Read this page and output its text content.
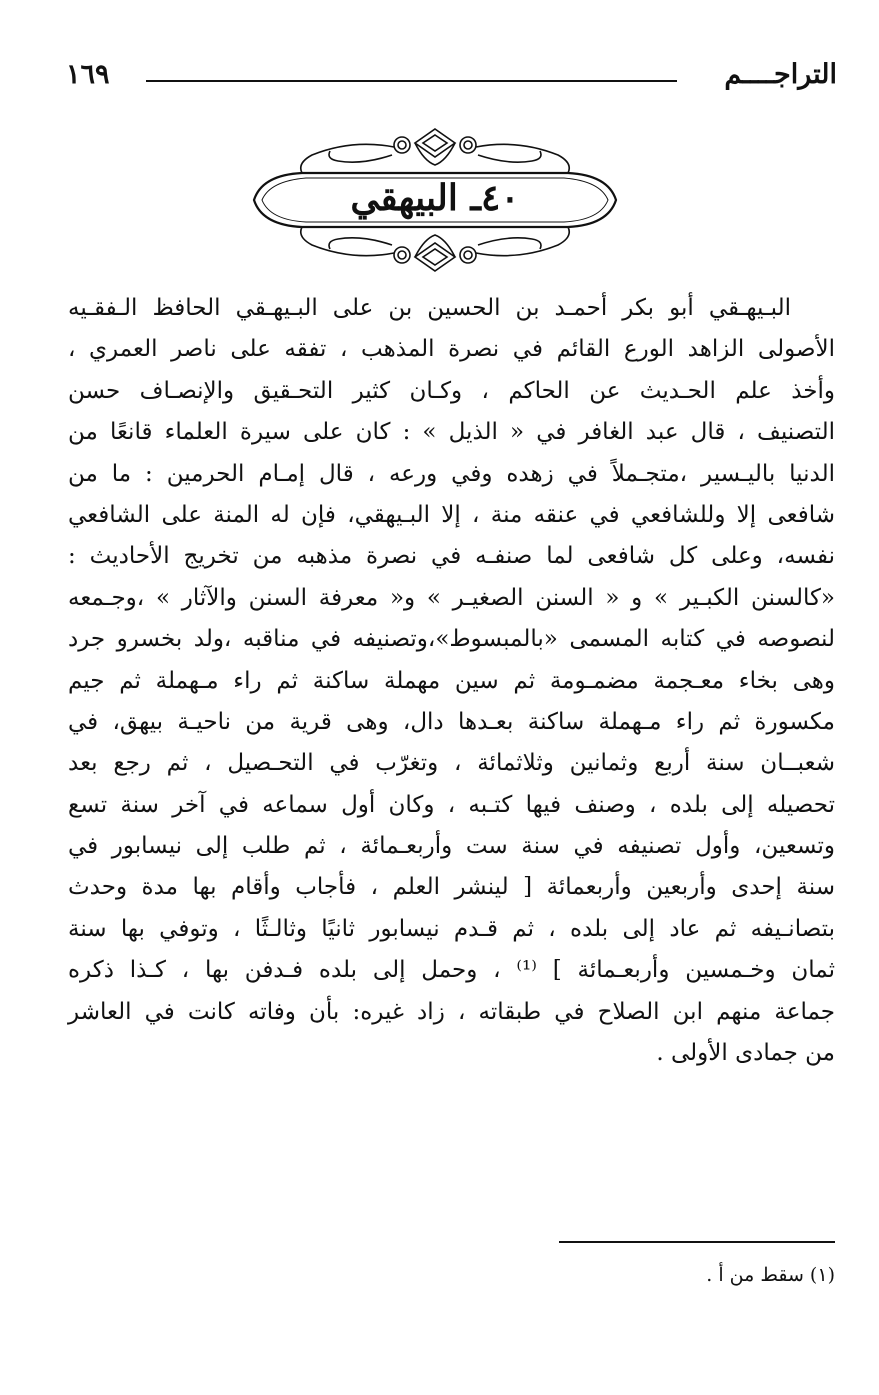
التراجــــم
١٦٩
٤٠ـ البيهقي
البـيهـقي أبو بكر أحمـد بن الحسين بن على البـيهـقي الحافظ الـفقـيه
الأصولى الزاهد الورع القائم في نصرة المذهب ، تفقه على ناصر العمري ،
وأخذ علم الحـديث عن الحاكم ، وكـان كثير التحـقيق والإنصـاف حسن
التصنيف ، قال عبد الغافر في « الذيل » : كان على سيرة العلماء قانعًا من
الدنيا باليـسير ،متجـملاً في زهده وفي ورعه ، قال إمـام الحرمين : ما من
شافعى إلا وللشافعي في عنقه منة ، إلا البـيهقي، فإن له المنة على الشافعي
نفسه، وعلى كل شافعى لما صنفـه في نصرة مذهبه من تخريج الأحاديث :
«كالسنن الكبـير » و « السنن الصغيـر » و« معرفة السنن والآثار » ،وجـمعه
لنصوصه في كتابه المسمى «بالمبسوط»،وتصنيفه في مناقبه ،ولد بخسرو جرد
وهى بخاء معـجمة مضمـومة ثم سين مهملة ساكنة ثم راء مـهملة ثم جيم
مكسورة ثم راء مـهملة ساكنة بعـدها دال، وهى قرية من ناحيـة بيهق، في
شعبــان سنة أربع وثمانين وثلاثمائة ، وتغرّب في التحـصيل ، ثم رجع بعد
تحصيله إلى بلده ، وصنف فيها كتـبه ، وكان أول سماعه في آخر سنة تسع
وتسعين، وأول تصنيفه في سنة ست وأربعـمائة ، ثم طلب إلى نيسابور في
سنة إحدى وأربعين وأربعمائة [ لينشر العلم ، فأجاب وأقام بها مدة وحدث
بتصانـيفه ثم عاد إلى بلده ، ثم قـدم نيسابور ثانيًا وثالـثًا ، وتوفي بها سنة
ثمان وخـمسين وأربعـمائة ] ⁽¹⁾ ، وحمل إلى بلده فـدفن بها ، كـذا ذكره
جماعة منهم ابن الصلاح في طبقاته ، زاد غيره: بأن وفاته كانت في العاشر
من جمادى الأولى .
(١) سقط من أ .
